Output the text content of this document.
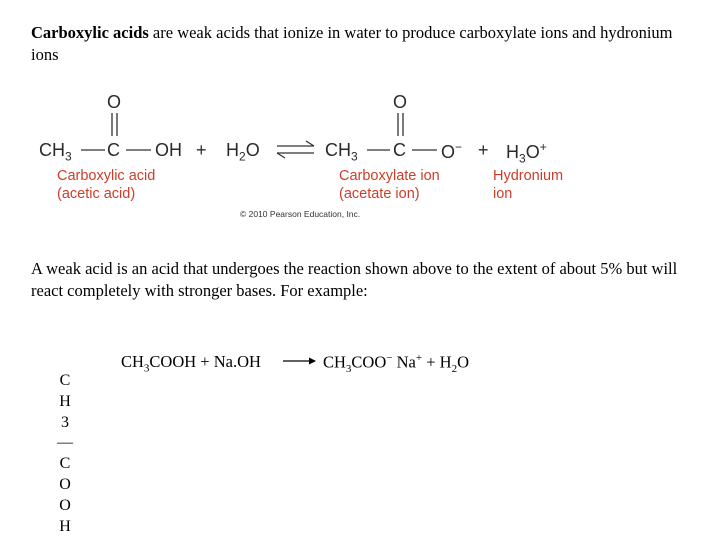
Carboxylic acids are weak acids that ionize in water to produce carboxylate ions and hydronium ions
O	O
$CH_3$ C OH + $H_2O$	$CH_3$ C $O^- + H_3O^+$
Carboxylic acid
(acetic acid)
Carboxylate ion
(acetate ion)
Hydronium
ion
© 2010 Pearson Education, Inc.
A weak acid is an acid that undergoes the reaction shown above to the extent of about 5% but will react completely with stronger bases. For example:
$CH_3COOH + Na.OH \to CH_3COO^-$ $Na^+ + H_2O$
C
H
3
—
C
O
O
H
